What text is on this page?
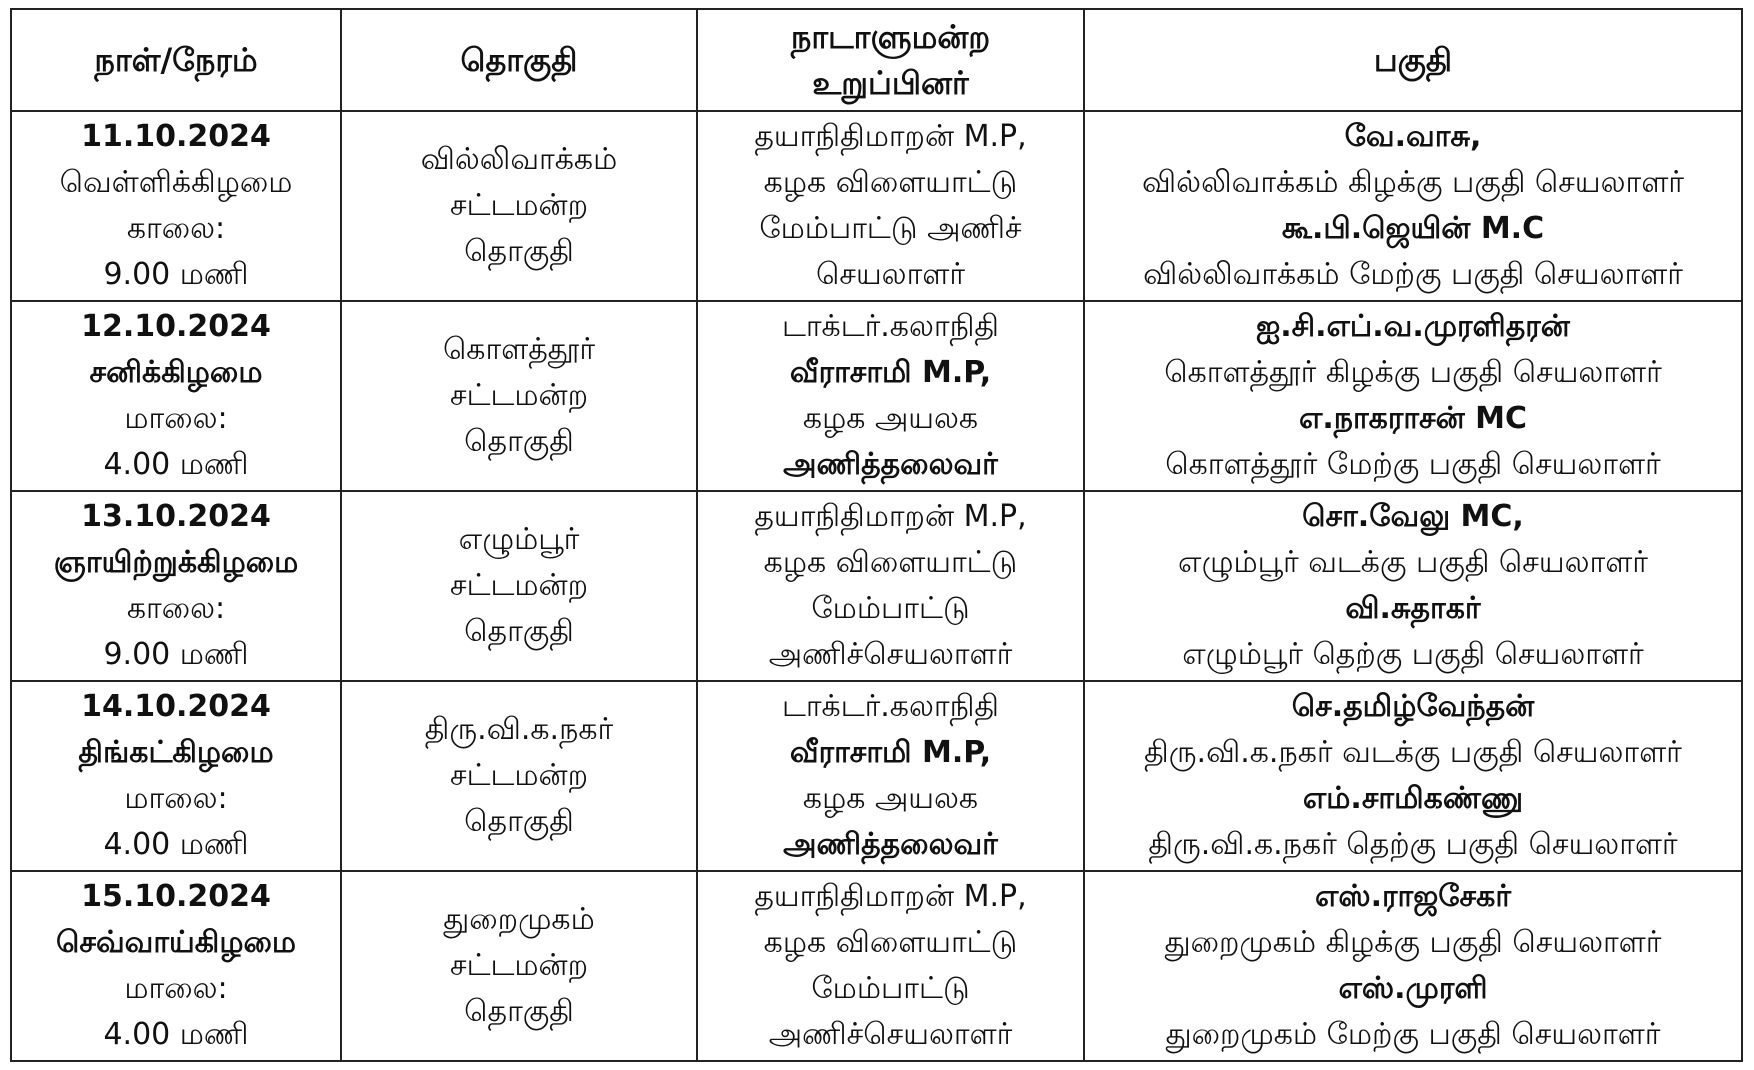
நாள்/நேரம்	தொகுதி	நாடாளுமன்ற
உறுப்பினர்	பகுதி

11.10.2024
வெள்ளிக்கிழமை
காலை:
9.00 மணி	வில்லிவாக்கம்
சட்டமன்ற
தொகுதி	தயாநிதிமாறன் M.P,
கழக விளையாட்டு
மேம்பாட்டு அணிச்
செயலாளர்	வே.வாசு,
வில்லிவாக்கம் கிழக்கு பகுதி செயலாளர்
கூ.பி.ஜெயின் M.C
வில்லிவாக்கம் மேற்கு பகுதி செயலாளர்

12.10.2024
சனிக்கிழமை
மாலை:
4.00 மணி	கொளத்தூர்
சட்டமன்ற
தொகுதி	டாக்டர்.கலாநிதி
வீராசாமி M.P,
கழக அயலக
அணித்தலைவர்	ஐ.சி.எப்.வ.முரளிதரன்
கொளத்தூர் கிழக்கு பகுதி செயலாளர்
எ.நாகராசன் MC
கொளத்தூர் மேற்கு பகுதி செயலாளர்

13.10.2024
ஞாயிற்றுக்கிழமை
காலை:
9.00 மணி	எழும்பூர்
சட்டமன்ற
தொகுதி	தயாநிதிமாறன் M.P,
கழக விளையாட்டு
மேம்பாட்டு
அணிச்செயலாளர்	சொ.வேலு MC,
எழும்பூர் வடக்கு பகுதி செயலாளர்
வி.சுதாகர்
எழும்பூர் தெற்கு பகுதி செயலாளர்

14.10.2024
திங்கட்கிழமை
மாலை:
4.00 மணி	திரு.வி.க.நகர்
சட்டமன்ற
தொகுதி	டாக்டர்.கலாநிதி
வீராசாமி M.P,
கழக அயலக
அணித்தலைவர்	செ.தமிழ்வேந்தன்
திரு.வி.க.நகர் வடக்கு பகுதி செயலாளர்
எம்.சாமிகண்ணு
திரு.வி.க.நகர் தெற்கு பகுதி செயலாளர்

15.10.2024
செவ்வாய்கிழமை
மாலை:
4.00 மணி	துறைமுகம்
சட்டமன்ற
தொகுதி	தயாநிதிமாறன் M.P,
கழக விளையாட்டு
மேம்பாட்டு
அணிச்செயலாளர்	எஸ்.ராஜசேகர்
துறைமுகம் கிழக்கு பகுதி செயலாளர்
எஸ்.முரளி
துறைமுகம் மேற்கு பகுதி செயலாளர்
